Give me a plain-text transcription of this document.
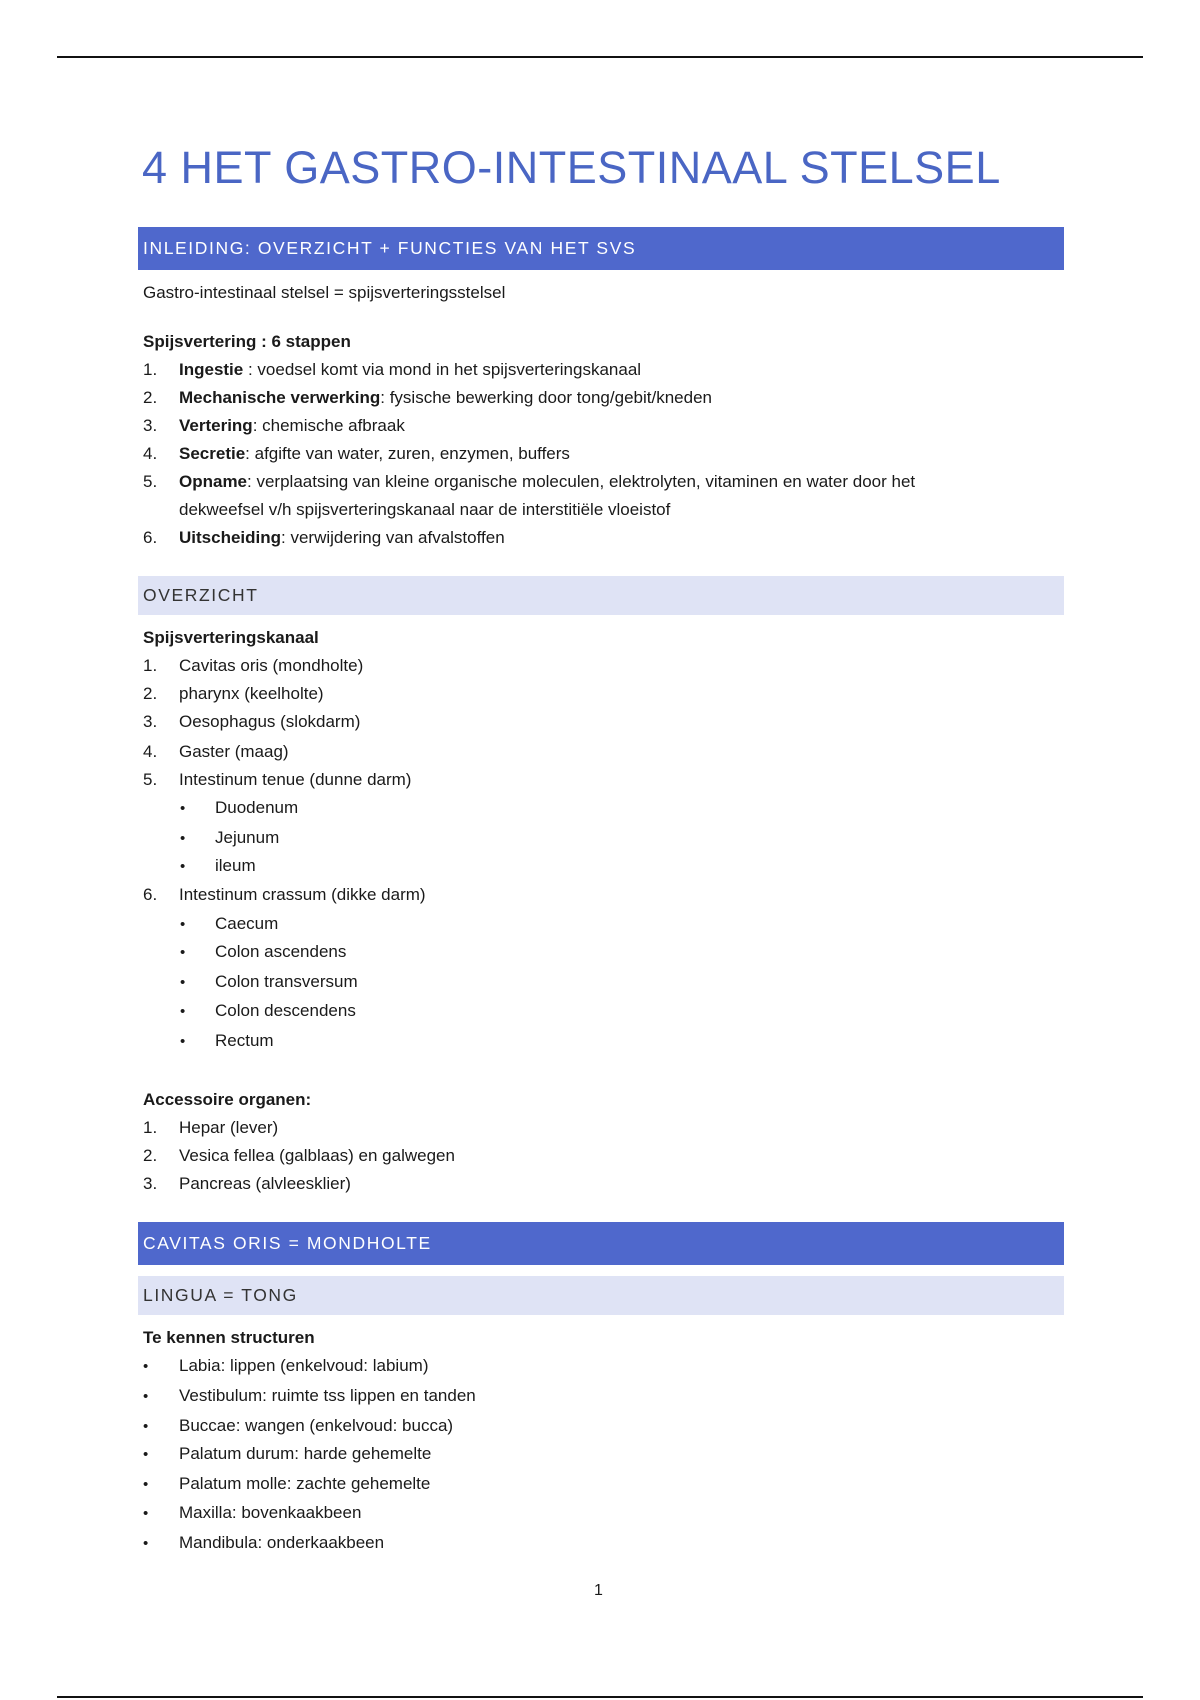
4 HET GASTRO-INTESTINAAL STELSEL
INLEIDING: OVERZICHT + FUNCTIES VAN HET SVS
Gastro-intestinaal stelsel = spijsverteringsstelsel
Spijsvertering : 6 stappen
1. Ingestie : voedsel komt via mond in het spijsverteringskanaal
2. Mechanische verwerking: fysische bewerking door tong/gebit/kneden
3. Vertering: chemische afbraak
4. Secretie: afgifte van water, zuren, enzymen, buffers
5. Opname: verplaatsing van kleine organische moleculen, elektrolyten, vitaminen en water door het
dekweefsel v/h spijsverteringskanaal naar de interstitiële vloeistof
6. Uitscheiding: verwijdering van afvalstoffen
OVERZICHT
Spijsverteringskanaal
1. Cavitas oris (mondholte)
2. pharynx (keelholte)
3. Oesophagus (slokdarm)
4. Gaster (maag)
5. Intestinum tenue (dunne darm)
• Duodenum
• Jejunum
• ileum
6. Intestinum crassum (dikke darm)
• Caecum
• Colon ascendens
• Colon transversum
• Colon descendens
• Rectum
Accessoire organen:
1. Hepar (lever)
2. Vesica fellea (galblaas) en galwegen
3. Pancreas (alvleesklier)
CAVITAS ORIS = MONDHOLTE
LINGUA = TONG
Te kennen structuren
• Labia: lippen (enkelvoud: labium)
• Vestibulum: ruimte tss lippen en tanden
• Buccae: wangen (enkelvoud: bucca)
• Palatum durum: harde gehemelte
• Palatum molle: zachte gehemelte
• Maxilla: bovenkaakbeen
• Mandibula: onderkaakbeen
1
